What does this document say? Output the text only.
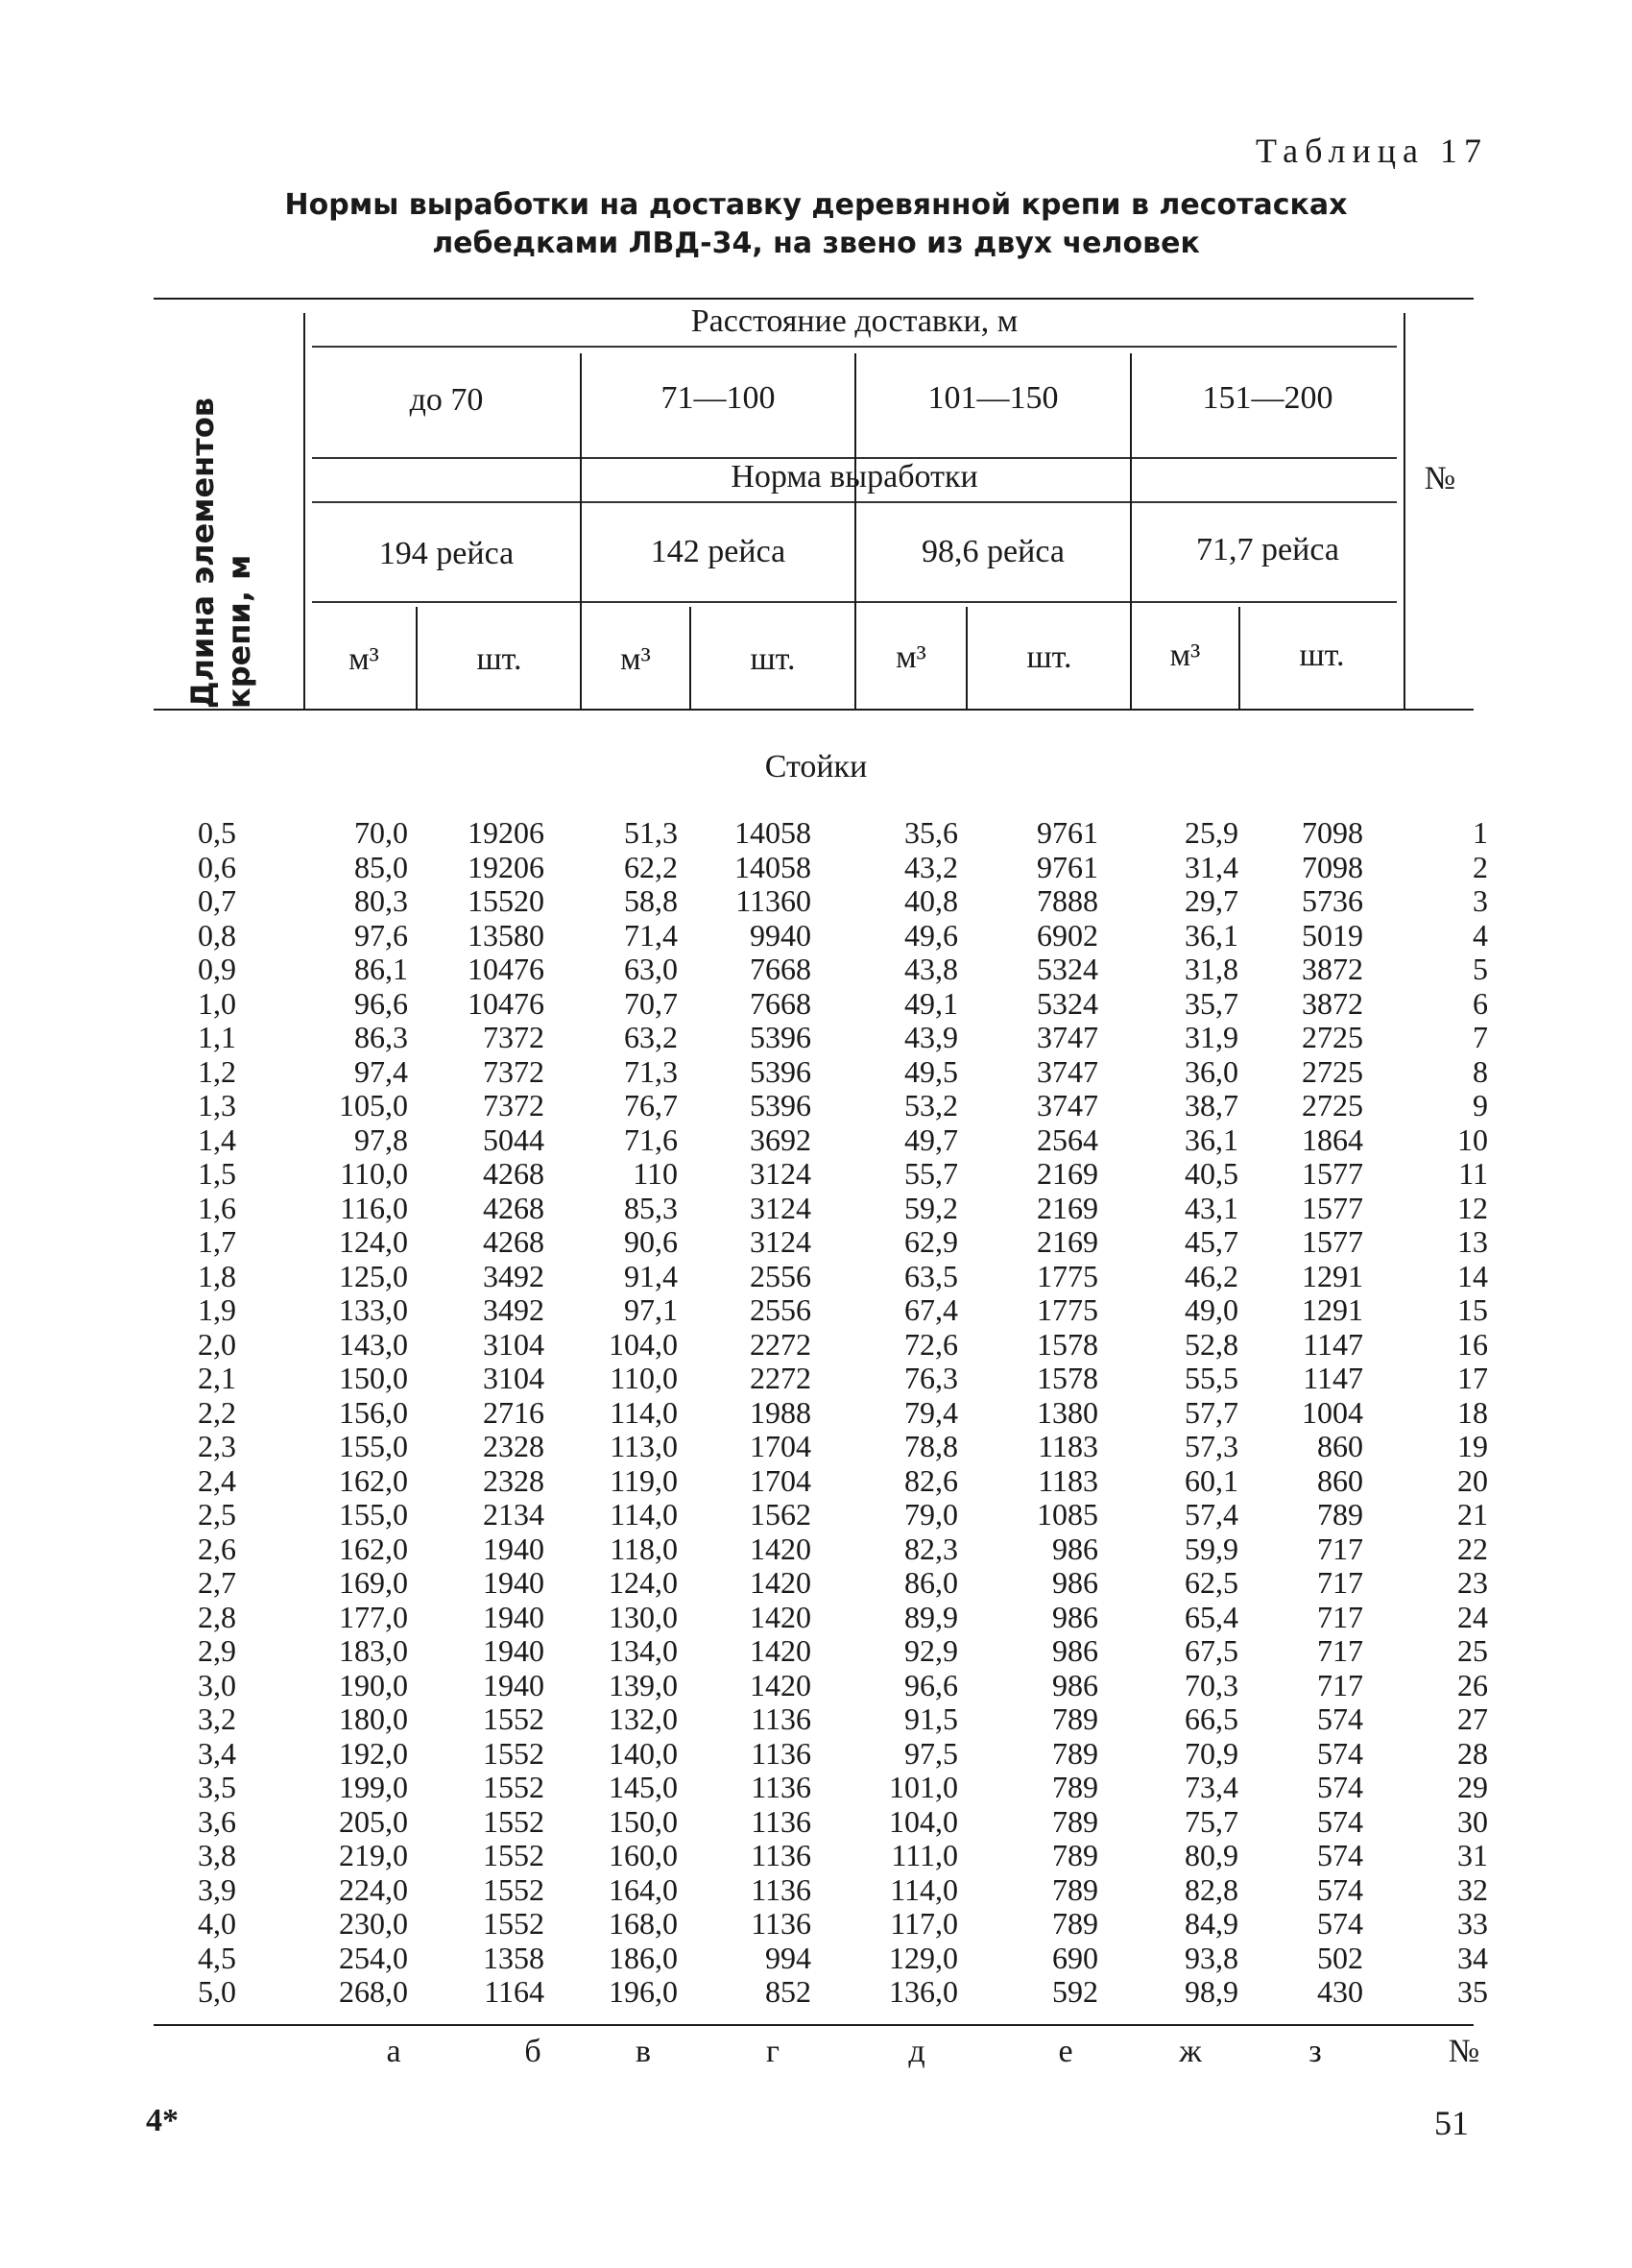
Таблица 17
Нормы выработки на доставку деревянной крепи в лесотасках
лебедками ЛВД-34, на звено из двух человек
Длина элементов крепи, м
Расстояние доставки, м
до 70	71—100	101—150	151—200
Норма выработки	№
194 рейса	142 рейса	98,6 рейса	71,7 рейса
м³	шт.	м³	шт.	м³	шт.	м³	шт.
Стойки
0,5	70,0	19206	51,3	14058	35,6	9761	25,9	7098	1
0,6	85,0	19206	62,2	14058	43,2	9761	31,4	7098	2
0,7	80,3	15520	58,8	11360	40,8	7888	29,7	5736	3
0,8	97,6	13580	71,4	9940	49,6	6902	36,1	5019	4
0,9	86,1	10476	63,0	7668	43,8	5324	31,8	3872	5
1,0	96,6	10476	70,7	7668	49,1	5324	35,7	3872	6
1,1	86,3	7372	63,2	5396	43,9	3747	31,9	2725	7
1,2	97,4	7372	71,3	5396	49,5	3747	36,0	2725	8
1,3	105,0	7372	76,7	5396	53,2	3747	38,7	2725	9
1,4	97,8	5044	71,6	3692	49,7	2564	36,1	1864	10
1,5	110,0	4268	110	3124	55,7	2169	40,5	1577	11
1,6	116,0	4268	85,3	3124	59,2	2169	43,1	1577	12
1,7	124,0	4268	90,6	3124	62,9	2169	45,7	1577	13
1,8	125,0	3492	91,4	2556	63,5	1775	46,2	1291	14
1,9	133,0	3492	97,1	2556	67,4	1775	49,0	1291	15
2,0	143,0	3104	104,0	2272	72,6	1578	52,8	1147	16
2,1	150,0	3104	110,0	2272	76,3	1578	55,5	1147	17
2,2	156,0	2716	114,0	1988	79,4	1380	57,7	1004	18
2,3	155,0	2328	113,0	1704	78,8	1183	57,3	860	19
2,4	162,0	2328	119,0	1704	82,6	1183	60,1	860	20
2,5	155,0	2134	114,0	1562	79,0	1085	57,4	789	21
2,6	162,0	1940	118,0	1420	82,3	986	59,9	717	22
2,7	169,0	1940	124,0	1420	86,0	986	62,5	717	23
2,8	177,0	1940	130,0	1420	89,9	986	65,4	717	24
2,9	183,0	1940	134,0	1420	92,9	986	67,5	717	25
3,0	190,0	1940	139,0	1420	96,6	986	70,3	717	26
3,2	180,0	1552	132,0	1136	91,5	789	66,5	574	27
3,4	192,0	1552	140,0	1136	97,5	789	70,9	574	28
3,5	199,0	1552	145,0	1136	101,0	789	73,4	574	29
3,6	205,0	1552	150,0	1136	104,0	789	75,7	574	30
3,8	219,0	1552	160,0	1136	111,0	789	80,9	574	31
3,9	224,0	1552	164,0	1136	114,0	789	82,8	574	32
4,0	230,0	1552	168,0	1136	117,0	789	84,9	574	33
4,5	254,0	1358	186,0	994	129,0	690	93,8	502	34
5,0	268,0	1164	196,0	852	136,0	592	98,9	430	35
а	б	в	г	д	е	ж	з	№
4*	51
